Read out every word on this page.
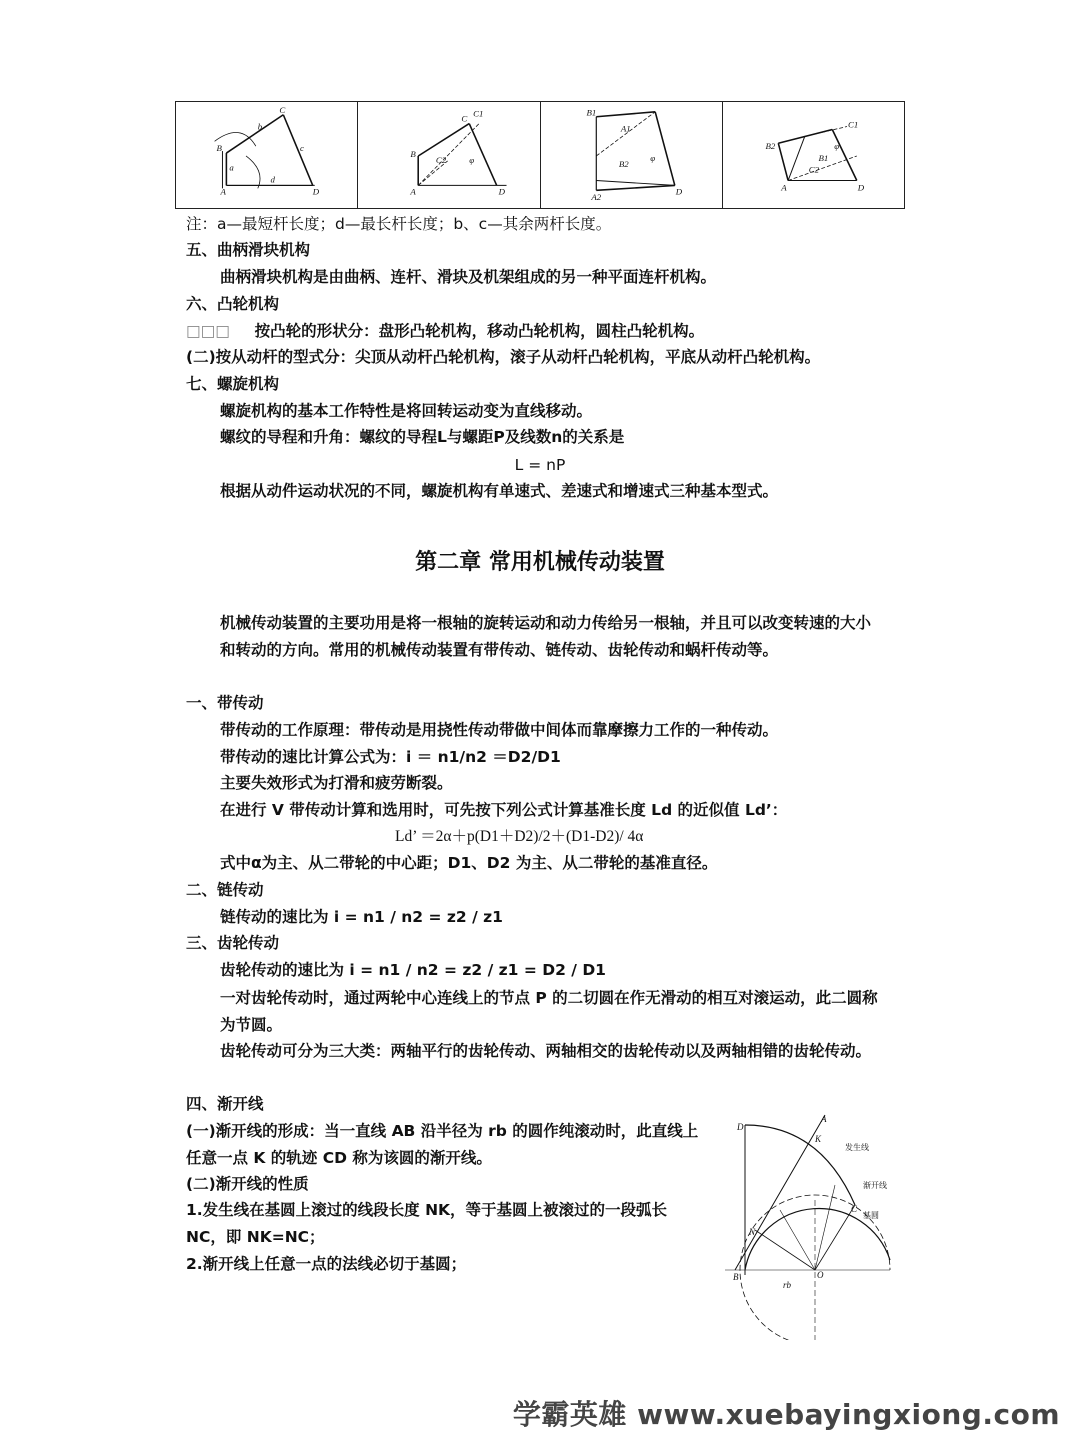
A
B
C
D
a
b
c
d
A
B
C C1
C2
D
φ
B1
A1
B2
A2
D
φ
B2
B1
C1
C2
D
A
φ
注：a—最短杆长度；d—最长杆长度；b、c—其余两杆长度。
五、曲柄滑块机构
曲柄滑块机构是由曲柄、连杆、滑块及机架组成的另一种平面连杆机构。
六、凸轮机构
□□□ 按凸轮的形状分：盘形凸轮机构，移动凸轮机构，圆柱凸轮机构。
(二)按从动杆的型式分：尖顶从动杆凸轮机构，滚子从动杆凸轮机构，平底从动杆凸轮机构。
七、螺旋机构
螺旋机构的基本工作特性是将回转运动变为直线移动。
螺纹的导程和升角：螺纹的导程L与螺距P及线数n的关系是
L = nP
根据从动件运动状况的不同，螺旋机构有单速式、差速式和增速式三种基本型式。
第二章 常用机械传动装置
机械传动装置的主要功用是将一根轴的旋转运动和动力传给另一根轴，并且可以改变转速的大小和转动的方向。常用的机械传动装置有带传动、链传动、齿轮传动和蜗杆传动等。
一、带传动
带传动的工作原理：带传动是用挠性传动带做中间体而靠摩擦力工作的一种传动。
带传动的速比计算公式为：i ＝ n1/n2 ＝D2/D1
主要失效形式为打滑和疲劳断裂。
在进行 V 带传动计算和选用时，可先按下列公式计算基准长度 Ld 的近似值 Ld’：
Ld’ ＝2α＋p(D1＋D2)/2＋(D1-D2)/ 4α
式中α为主、从二带轮的中心距；D1、D2 为主、从二带轮的基准直径。
二、链传动
链传动的速比为 i = n1 / n2 = z2 / z1
三、齿轮传动
齿轮传动的速比为 i = n1 / n2 = z2 / z1 = D2 / D1
一对齿轮传动时，通过两轮中心连线上的节点 P 的二切圆在作无滑动的相互对滚运动，此二圆称为节圆。
齿轮传动可分为三大类：两轴平行的齿轮传动、两轴相交的齿轮传动以及两轴相错的齿轮传动。
四、渐开线
(一)渐开线的形成：当一直线 AB 沿半径为 rb 的圆作纯滚动时，此直线上任意一点 K 的轨迹 CD 称为该圆的渐开线。
(二)渐开线的性质
1.发生线在基圆上滚过的线段长度 NK，等于基圆上被滚过的一段弧长 NC，即 NK=NC；
2.渐开线上任意一点的法线必切于基圆；
A
K
D
N
C
B	O
rb
发生线
渐开线
基圆
学霸英雄 www.xuebayingxiong.com
